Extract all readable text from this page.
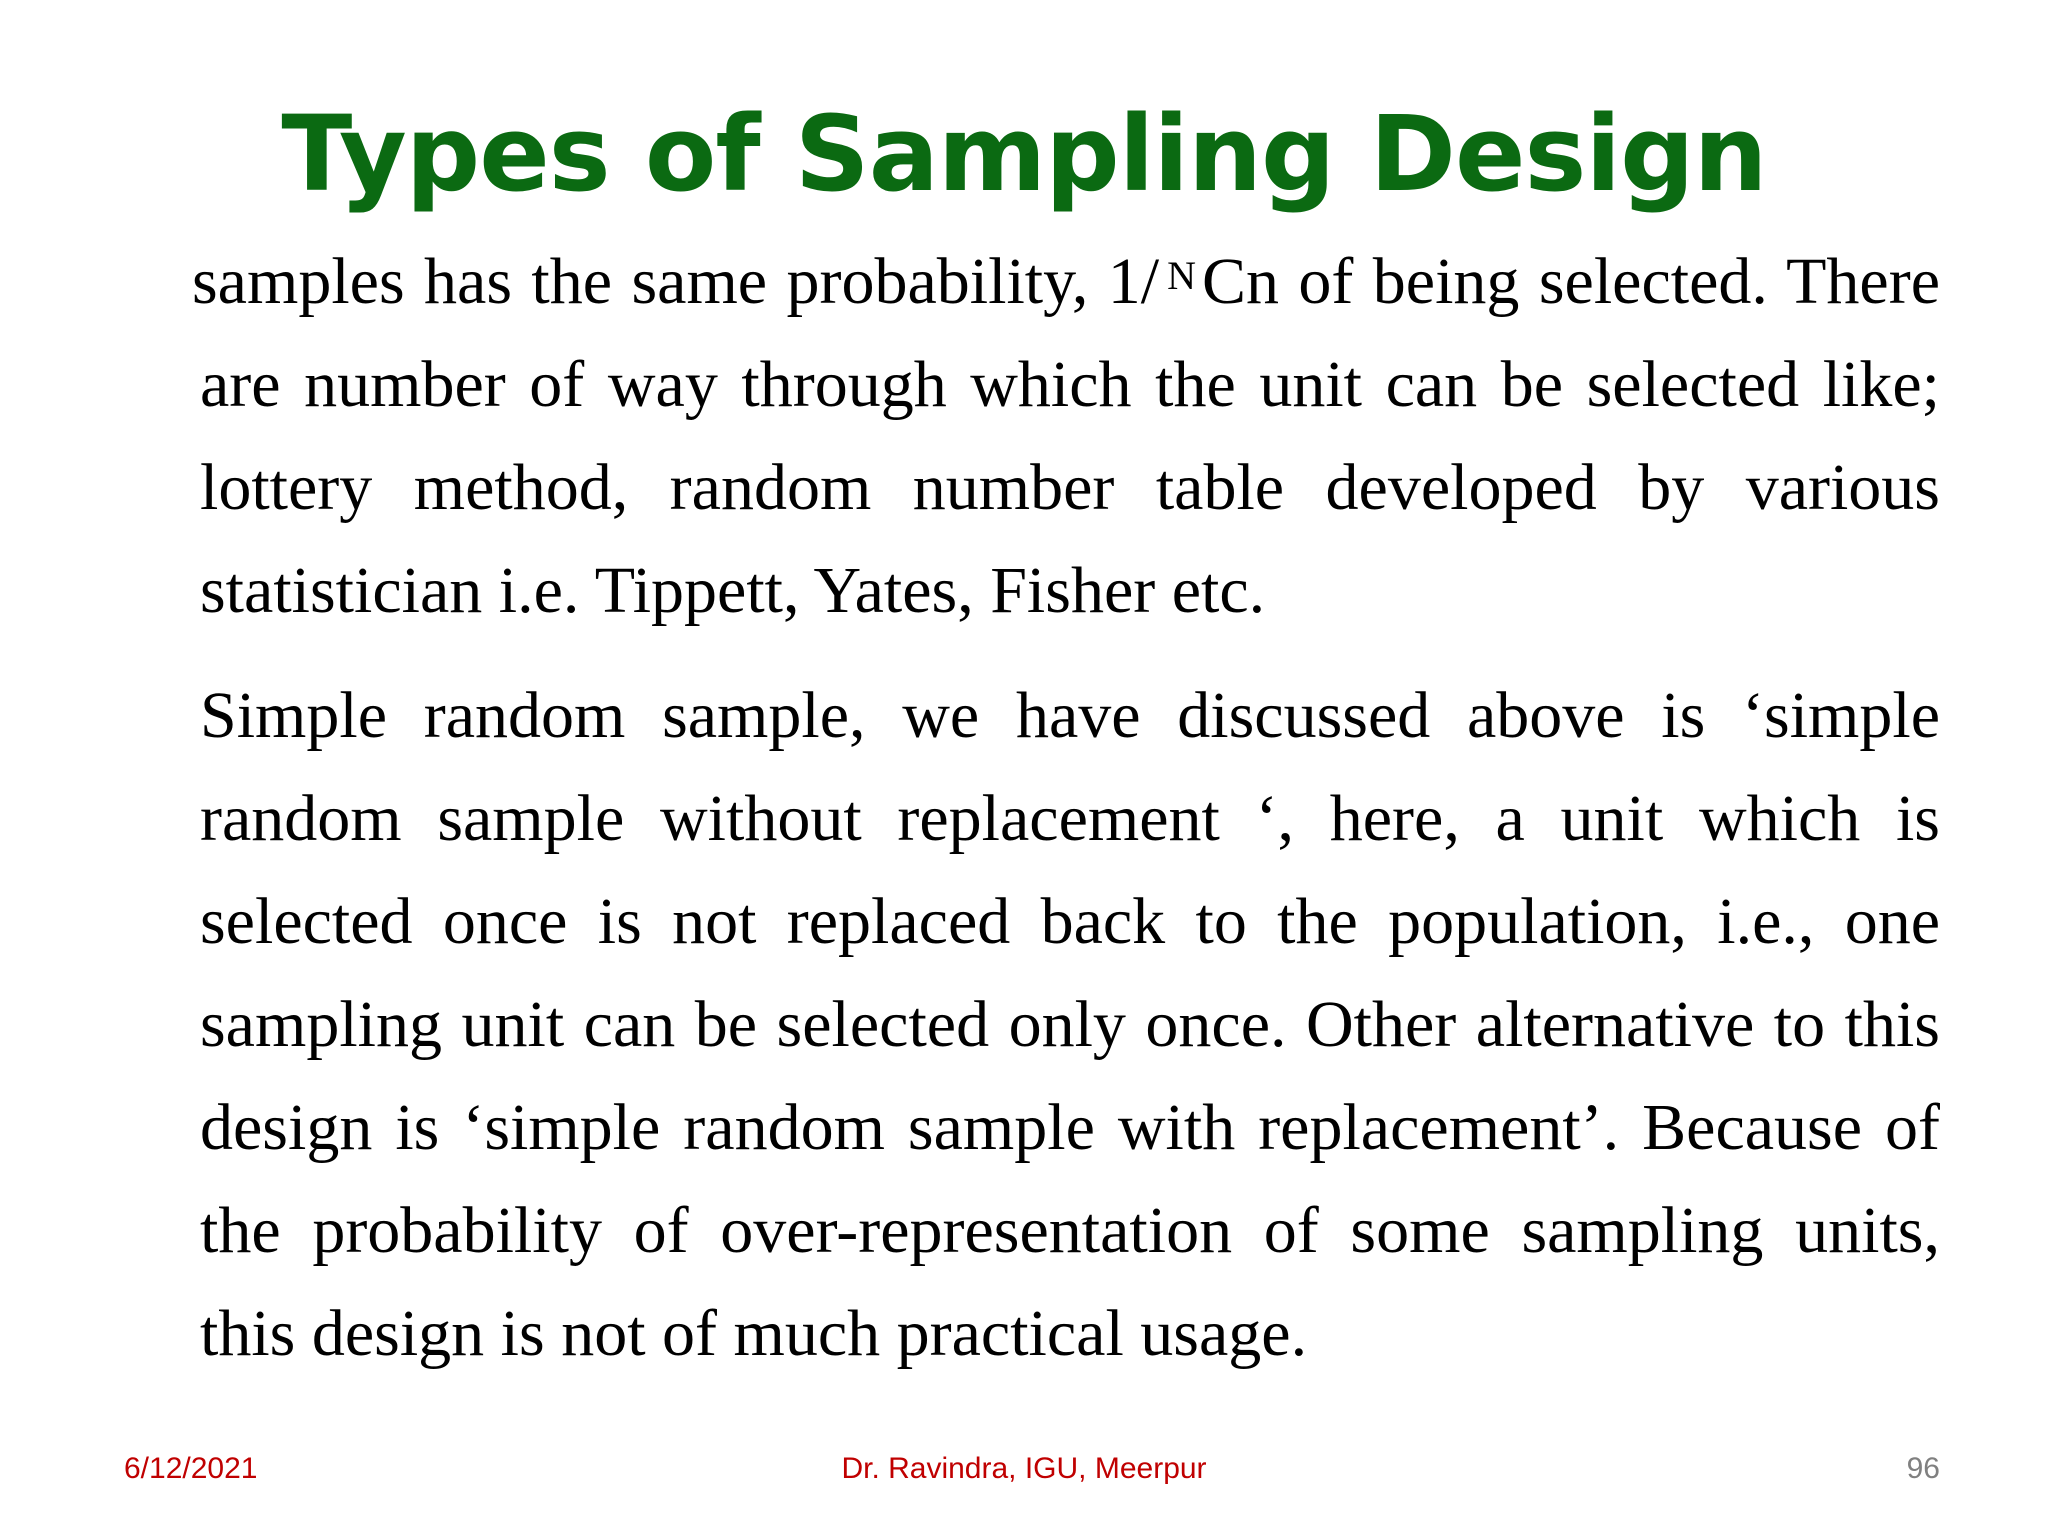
Types of Sampling Design
samples has the same probability, 1/ $^N$Cn of being selected. There are number of way through which the unit can be selected like; lottery method, random number table developed by various statistician i.e. Tippett, Yates, Fisher etc.
Simple random sample, we have discussed above is ‘simple random sample without replacement ‘, here, a unit which is selected once is not replaced back to the population, i.e., one sampling unit can be selected only once. Other alternative to this design is ‘simple random sample with replacement’. Because of the probability of over-representation of some sampling units, this design is not of much practical usage.
6/12/2021	Dr. Ravindra, IGU, Meerpur	96
